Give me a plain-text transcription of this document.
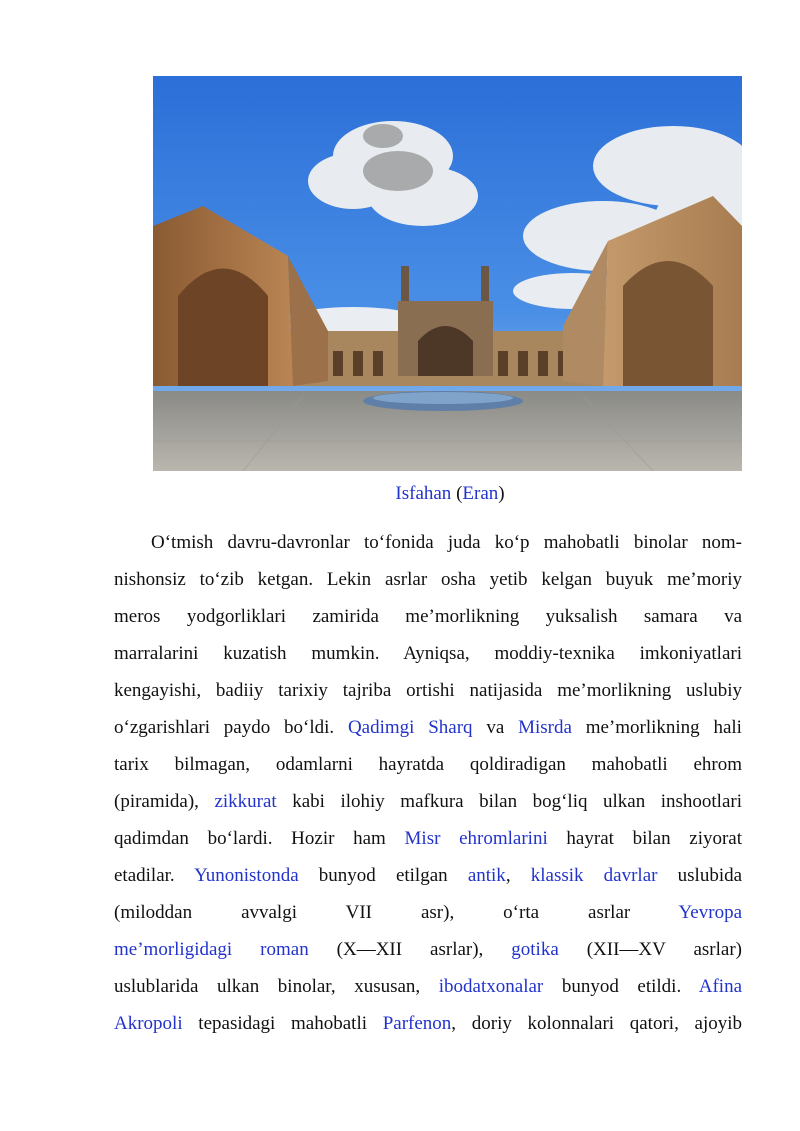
Isfahan (Eran)

O‘tmish davru-davronlar to‘fonida juda ko‘p mahobatli binolar nom-
nishonsiz to‘zib ketgan. Lekin asrlar osha yetib kelgan buyuk me’moriy
meros yodgorliklari zamirida me’morlikning yuksalish samara va
marralarini kuzatish mumkin. Ayniqsa, moddiy-texnika imkoniyatlari
kengayishi, badiiy tarixiy tajriba ortishi natijasida me’morlikning uslubiy
o‘zgarishlari paydo bo‘ldi. Qadimgi Sharq va Misrda me’morlikning hali
tarix bilmagan, odamlarni hayratda qoldiradigan mahobatli ehrom
(piramida), zikkurat kabi ilohiy mafkura bilan bog‘liq ulkan inshootlari
qadimdan bo‘lardi. Hozir ham Misr ehromlarini hayrat bilan ziyorat
etadilar. Yunonistonda bunyod etilgan antik, klassik davrlar uslubida
(miloddan avvalgi VII asr), o‘rta asrlar Yevropa
me’morligidagi roman (X—XII asrlar), gotika (XII—XV asrlar)
uslublarida ulkan binolar, xususan, ibodatxonalar bunyod etildi. Afina
Akropoli tepasidagi mahobatli Parfenon, doriy kolonnalari qatori, ajoyib
